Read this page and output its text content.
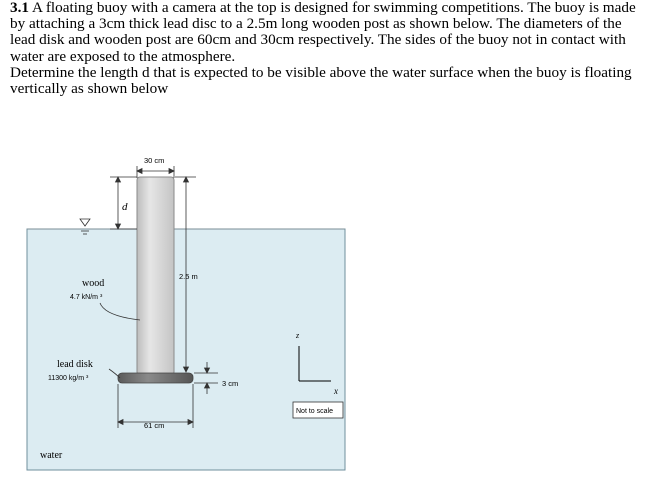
3.1 A floating buoy with a camera at the top is designed for swimming competitions. The buoy is made by attaching a 3cm thick lead disc to a 2.5m long wooden post as shown below. The diameters of the lead disk and wooden post are 60cm and 30cm respectively. The sides of the buoy not in contact with water are exposed to the atmosphere.

Determine the length d that is expected to be visible above the water surface when the buoy is floating vertically as shown below

30 cm
d
2.5 m
wood
4.7 kN/m ³
lead disk
11300 kg/m ³
3 cm
61 cm
water
z
x
Not to scale
